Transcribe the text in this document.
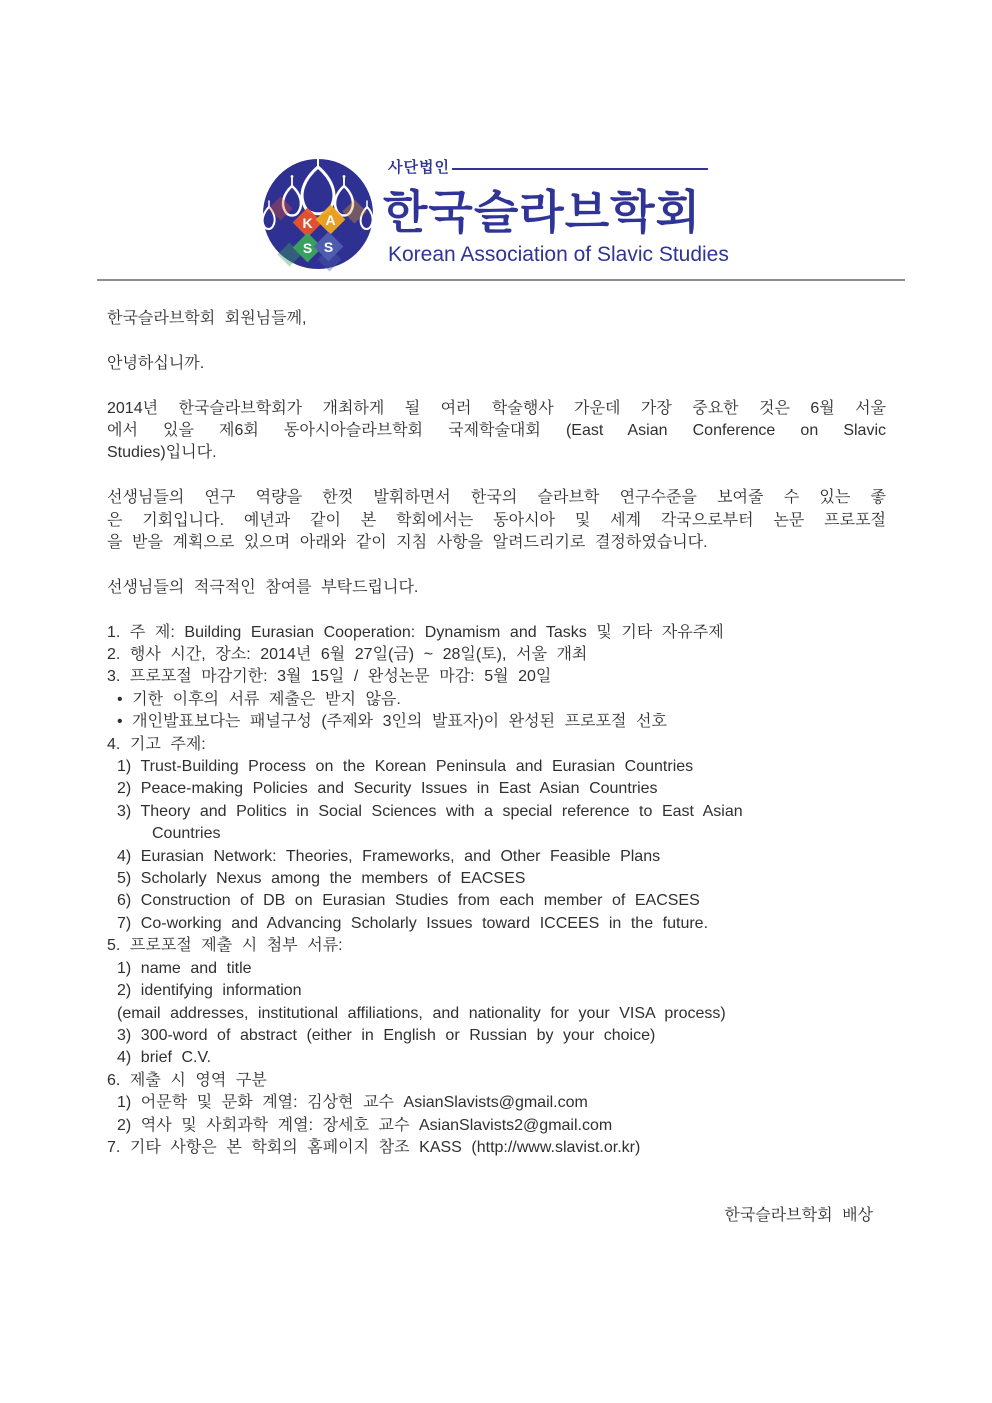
K A
S S
사단법인
한국슬라브학회
Korean Association of Slavic Studies
한국슬라브학회 회원님들께,
안녕하십니까.
2014년 한국슬라브학회가 개최하게 될 여러 학술행사 가운데 가장 중요한 것은 6월 서울
에서 있을 제6회 동아시아슬라브학회 국제학술대회 (East Asian Conference on Slavic
Studies)입니다.
선생님들의 연구 역량을 한껏 발휘하면서 한국의 슬라브학 연구수준을 보여줄 수 있는 좋
은 기회입니다. 예년과 같이 본 학회에서는 동아시아 및 세계 각국으로부터 논문 프로포절
을 받을 계획으로 있으며 아래와 같이 지침 사항을 알려드리기로 결정하였습니다.
선생님들의 적극적인 참여를 부탁드립니다.
1. 주 제: Building Eurasian Cooperation: Dynamism and Tasks 및 기타 자유주제
2. 행사 시간, 장소: 2014년 6월 27일(금) ~ 28일(토), 서울 개최
3. 프로포절 마감기한: 3월 15일 / 완성논문 마감: 5월 20일
• 기한 이후의 서류 제출은 받지 않음.
• 개인발표보다는 패널구성 (주제와 3인의 발표자)이 완성된 프로포절 선호
4. 기고 주제:
1) Trust-Building Process on the Korean Peninsula and Eurasian Countries
2) Peace-making Policies and Security Issues in East Asian Countries
3) Theory and Politics in Social Sciences with a special reference to East Asian
Countries
4) Eurasian Network: Theories, Frameworks, and Other Feasible Plans
5) Scholarly Nexus among the members of EACSES
6) Construction of DB on Eurasian Studies from each member of EACSES
7) Co-working and Advancing Scholarly Issues toward ICCEES in the future.
5. 프로포절 제출 시 첨부 서류:
1) name and title
2) identifying information
(email addresses, institutional affiliations, and nationality for your VISA process)
3) 300-word of abstract (either in English or Russian by your choice)
4) brief C.V.
6. 제출 시 영역 구분
1) 어문학 및 문화 계열: 김상현 교수 AsianSlavists@gmail.com
2) 역사 및 사회과학 계열: 장세호 교수 AsianSlavists2@gmail.com
7. 기타 사항은 본 학회의 홈페이지 참조 KASS (http://www.slavist.or.kr)
한국슬라브학회 배상
